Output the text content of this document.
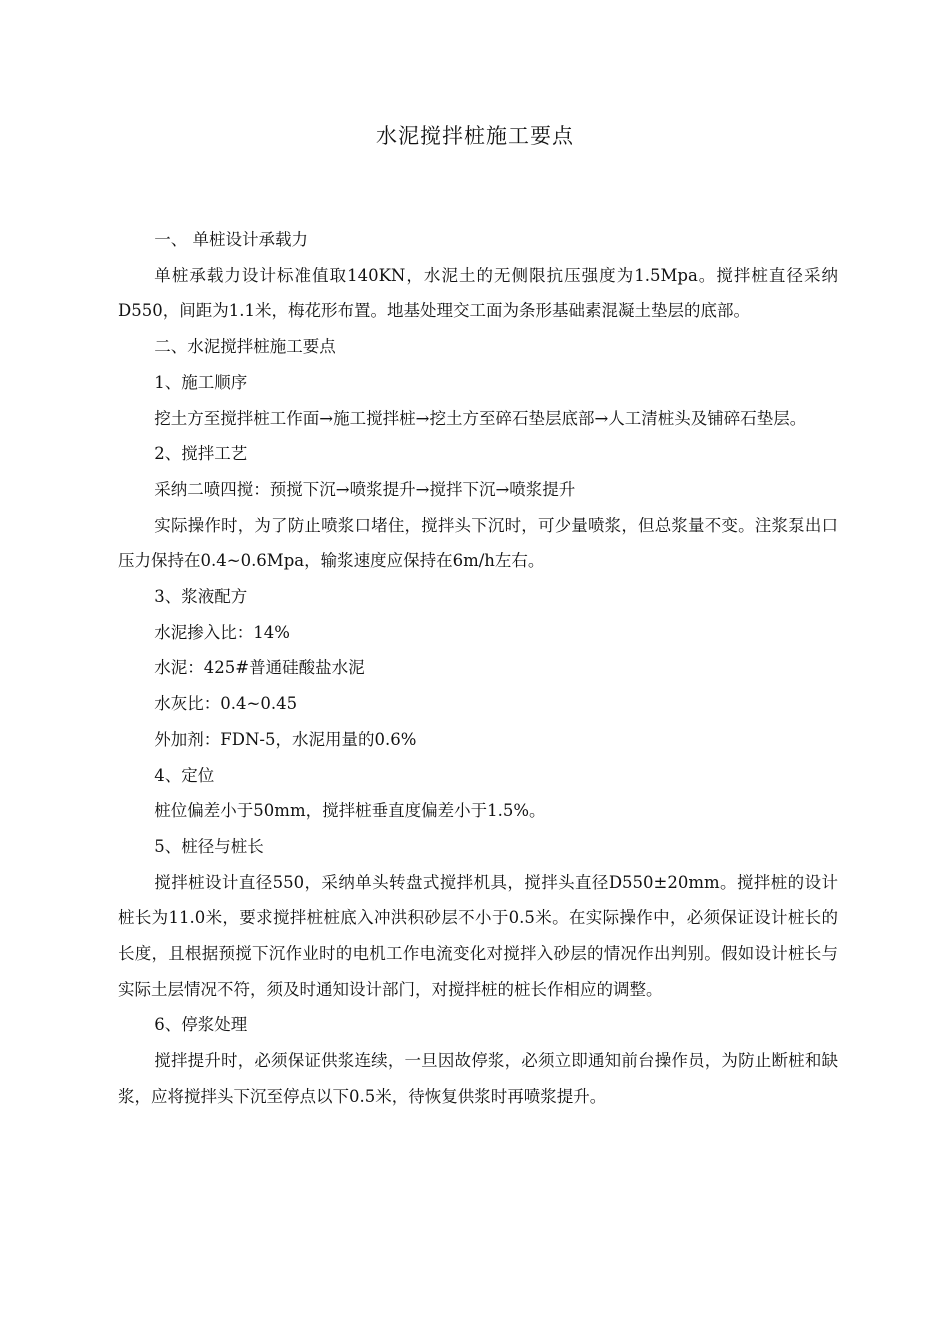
水泥搅拌桩施工要点

一、 单桩设计承载力

单桩承载力设计标准值取140KN，水泥土的无侧限抗压强度为1.5Mpa。搅拌桩直径采纳D550，间距为1.1米，梅花形布置。地基处理交工面为条形基础素混凝土垫层的底部。

二、水泥搅拌桩施工要点

1、施工顺序

挖土方至搅拌桩工作面→施工搅拌桩→挖土方至碎石垫层底部→人工清桩头及铺碎石垫层。

2、搅拌工艺

采纳二喷四搅：预搅下沉→喷浆提升→搅拌下沉→喷浆提升

实际操作时，为了防止喷浆口堵住，搅拌头下沉时，可少量喷浆，但总浆量不变。注浆泵出口压力保持在0.4~0.6Mpa，输浆速度应保持在6m/h左右。

3、浆液配方

水泥掺入比：14%

水泥：425#普通硅酸盐水泥

水灰比：0.4~0.45

外加剂：FDN-5，水泥用量的0.6%

4、定位

桩位偏差小于50mm，搅拌桩垂直度偏差小于1.5%。

5、桩径与桩长

搅拌桩设计直径550，采纳单头转盘式搅拌机具，搅拌头直径D550±20mm。搅拌桩的设计桩长为11.0米，要求搅拌桩桩底入冲洪积砂层不小于0.5米。在实际操作中，必须保证设计桩长的长度，且根据预搅下沉作业时的电机工作电流变化对搅拌入砂层的情况作出判别。假如设计桩长与实际土层情况不符，须及时通知设计部门，对搅拌桩的桩长作相应的调整。

6、停浆处理

搅拌提升时，必须保证供浆连续，一旦因故停浆，必须立即通知前台操作员，为防止断桩和缺浆，应将搅拌头下沉至停点以下0.5米，待恢复供浆时再喷浆提升。
